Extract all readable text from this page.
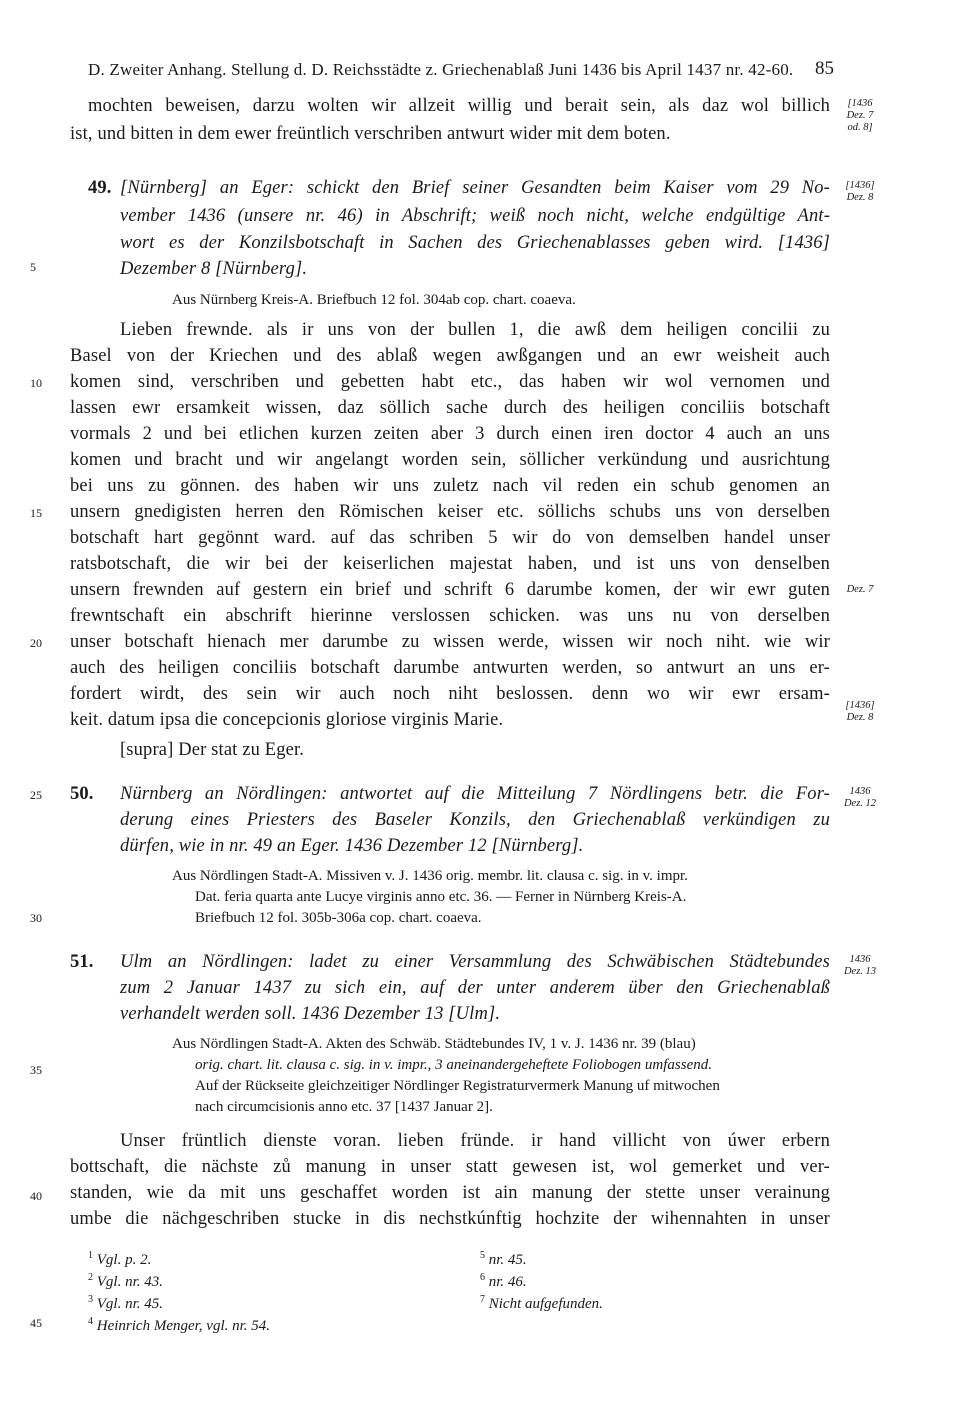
D. Zweiter Anhang. Stellung d. D. Reichsstädte z. Griechenablaß Juni 1436 bis April 1437 nr. 42-60. 85
mochten beweisen, darzu wolten wir allzeit willig und berait sein, als daz wol billich
ist, und bitten in dem ewer freüntlich verschriben antwurt wider mit dem boten.
[1436
Dez. 7
od. 8]
49. [Nürnberg] an Eger: schickt den Brief seiner Gesandten beim Kaiser vom 29 No-
vember 1436 (unsere nr. 46) in Abschrift; weiß noch nicht, welche endgültige Ant-
wort es der Konzilsbotschaft in Sachen des Griechenablasses geben wird. [1436]
Dezember 8 [Nürnberg].
[1436]
Dez. 8
Aus Nürnberg Kreis-A. Briefbuch 12 fol. 304ab cop. chart. coaeva.
Lieben frewnde. als ir uns von der bullen 1, die awß dem heiligen concilii zu
Basel von der Kriechen und des ablaß wegen awßgangen und an ewr weisheit auch
komen sind, verschriben und gebetten habt etc., das haben wir wol vernomen und
lassen ewr ersamkeit wissen, daz söllich sache durch des heiligen conciliis botschaft
vormals 2 und bei etlichen kurzen zeiten aber 3 durch einen iren doctor 4 auch an uns
komen und bracht und wir angelangt worden sein, söllicher verkündung und ausrichtung
bei uns zu gönnen. des haben wir uns zuletz nach vil reden ein schub genomen an
unsern gnedigisten herren den Römischen keiser etc. söllichs schubs uns von derselben
botschaft hart gegönnt ward. auf das schriben 5 wir do von demselben handel unser
ratsbotschaft, die wir bei der keiserlichen majestat haben, und ist uns von denselben
unsern frewnden auf gestern ein brief und schrift 6 darumbe komen, der wir ewr guten
frewntschaft ein abschrift hierinne verslossen schicken. was uns nu von derselben
unser botschaft hienach mer darumbe zu wissen werde, wissen wir noch niht. wie wir
auch des heiligen conciliis botschaft darumbe antwurten werden, so antwurt an uns er-
fordert wirdt, des sein wir auch noch niht beslossen. denn wo wir ewr ersam-
keit. datum ipsa die concepcionis gloriose virginis Marie.
[supra] Der stat zu Eger.
Dez. 7
[1436]
Dez. 8
50. Nürnberg an Nördlingen: antwortet auf die Mitteilung 7 Nördlingens betr. die For-
derung eines Priesters des Baseler Konzils, den Griechenablaß verkündigen zu
dürfen, wie in nr. 49 an Eger. 1436 Dezember 12 [Nürnberg].
1436
Dez. 12
Aus Nördlingen Stadt-A. Missiven v. J. 1436 orig. membr. lit. clausa c. sig. in v. impr.
Dat. feria quarta ante Lucye virginis anno etc. 36. — Ferner in Nürnberg Kreis-A.
Briefbuch 12 fol. 305b-306a cop. chart. coaeva.
51. Ulm an Nördlingen: ladet zu einer Versammlung des Schwäbischen Städtebundes
zum 2 Januar 1437 zu sich ein, auf der unter anderem über den Griechenablaß
verhandelt werden soll. 1436 Dezember 13 [Ulm].
1436
Dez. 13
Aus Nördlingen Stadt-A. Akten des Schwäb. Städtebundes IV, 1 v. J. 1436 nr. 39 (blau)
orig. chart. lit. clausa c. sig. in v. impr., 3 aneinandergeheftete Foliobogen umfassend.
Auf der Rückseite gleichzeitiger Nördlinger Registraturvermerk Manung uf mitwochen
nach circumcisionis anno etc. 37 [1437 Januar 2].
Unser früntlich dienste voran. lieben fründe. ir hand villicht von úwer erbern
bottschaft, die nächste zů manung in unser statt gewesen ist, wol gemerket und ver-
standen, wie da mit uns geschaffet worden ist ain manung der stette unser verainung
umbe die nächgeschriben stucke in dis nechstkúnftig hochzite der wihennahten in unser
5
10
15
20
25
30
35
40
45
$^1$ Vgl. p. 2.
$^2$ Vgl. nr. 43.
$^3$ Vgl. nr. 45.
$^4$ Heinrich Menger, vgl. nr. 54.
$^5$ nr. 45.
$^6$ nr. 46.
$^7$ Nicht aufgefunden.
